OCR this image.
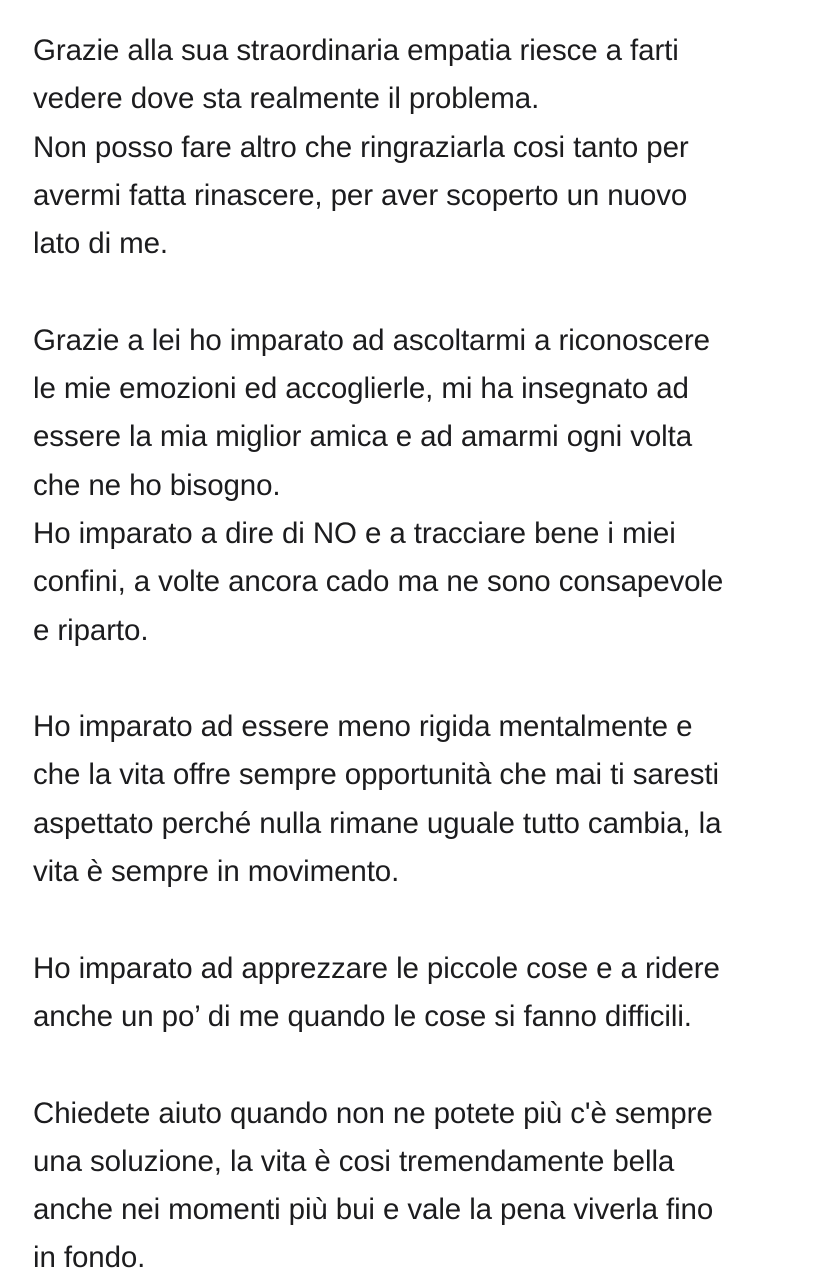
Grazie alla sua straordinaria empatia riesce a farti
vedere dove sta realmente il problema.
Non posso fare altro che ringraziarla cosi tanto per
avermi fatta rinascere, per aver scoperto un nuovo
lato di me.

Grazie a lei ho imparato ad ascoltarmi a riconoscere
le mie emozioni ed accoglierle, mi ha insegnato ad
essere la mia miglior amica e ad amarmi ogni volta
che ne ho bisogno.
Ho imparato a dire di NO e a tracciare bene i miei
confini, a volte ancora cado ma ne sono consapevole
e riparto.

Ho imparato ad essere meno rigida mentalmente e
che la vita offre sempre opportunità che mai ti saresti
aspettato perché nulla rimane uguale tutto cambia, la
vita è sempre in movimento.

Ho imparato ad apprezzare le piccole cose e a ridere
anche un po’ di me quando le cose si fanno difficili.

Chiedete aiuto quando non ne potete più c'è sempre
una soluzione, la vita è cosi tremendamente bella
anche nei momenti più bui e vale la pena viverla fino
in fondo.
